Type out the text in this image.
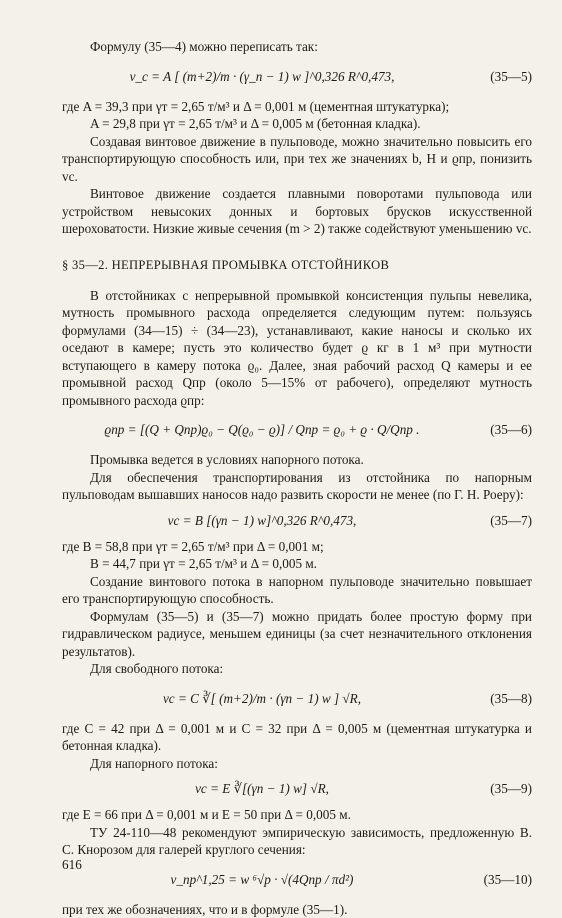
Формулу (35—4) можно переписать так:

v_c = A [ (m+2)/m · (γ_п − 1) w ]^0,326 R^0,473,	(35—5)

где A = 39,3 при γт = 2,65 т/м³ и Δ = 0,001 м (цементная штукатурка);

A = 29,8 при γт = 2,65 т/м³ и Δ = 0,005 м (бетонная кладка).

Создавая винтовое движение в пульповоде, можно значительно повысить его транспортирующую способность или, при тех же значениях b, H и ϱпр, понизить vс.

Винтовое движение создается плавными поворотами пульповода или устройством невысоких донных и бортовых брусков искусственной шероховатости. Низкие живые сечения (m > 2) также содействуют уменьшению vс.

§ 35—2. НЕПРЕРЫВНАЯ ПРОМЫВКА ОТСТОЙНИКОВ

В отстойниках с непрерывной промывкой консистенция пульпы невелика, мутность промывного расхода определяется следующим путем: пользуясь формулами (34—15) ÷ (34—23), устанавливают, какие наносы и сколько их оседают в камере; пусть это количество будет ϱ кг в 1 м³ при мутности вступающего в камеру потока ϱ₀. Далее, зная рабочий расход Q камеры и ее промывной расход Qпр (около 5—15% от рабочего), определяют мутность промывного расхода ϱпр:

ϱпр = [(Q + Qпр)ϱ₀ − Q(ϱ₀ − ϱ)] / Qпр = ϱ₀ + ϱ · Q/Qпр .	(35—6)

Промывка ведется в условиях напорного потока.

Для обеспечения транспортирования из отстойника по напорным пульповодам вышавших наносов надо развить скорости не менее (по Г. Н. Роеру):

vс = B [(γп − 1) w]^0,326 R^0,473,	(35—7)

где B = 58,8 при γт = 2,65 т/м³ при Δ = 0,001 м;

B = 44,7 при γт = 2,65 т/м³ и Δ = 0,005 м.

Создание винтового потока в напорном пульповоде значительно повышает его транспортирующую способность.

Формулам (35—5) и (35—7) можно придать более простую форму при гидравлическом радиусе, меньшем единицы (за счет незначительного отклонения результатов).

Для свободного потока:

vс = C ∛[ (m+2)/m · (γп − 1) w ] √R,	(35—8)

где C = 42 при Δ = 0,001 м и C = 32 при Δ = 0,005 м (цементная штукатурка и бетонная кладка).

Для напорного потока:

vс = E ∛[(γп − 1) w] √R,	(35—9)

где E = 66 при Δ = 0,001 м и E = 50 при Δ = 0,005 м.

ТУ 24-110—48 рекомендуют эмпирическую зависимость, предложенную В. С. Кнорозом для галерей круглого сечения:

v_пр^1,25 = w ⁶√p · √(4Qпр / πd²)	(35—10)

при тех же обозначениях, что и в формуле (35—1).

616
